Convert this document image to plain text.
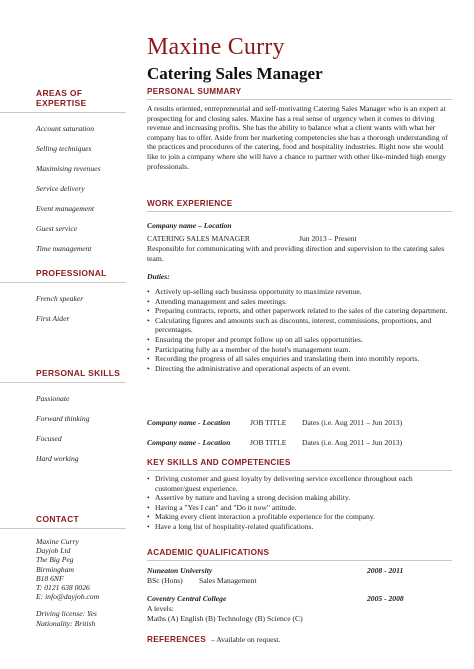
Maxine Curry
Catering Sales Manager
AREAS OF EXPERTISE
Account saturation
Selling techniques
Maximising revenues
Service delivery
Event management
Guest service
Time management
PROFESSIONAL
French speaker
First Aider
PERSONAL SKILLS
Passionate
Forward thinking
Focused
Hard working
CONTACT
Maxine Curry
Dayjob Ltd
The Big Peg
Birmingham
B18 6NF
T: 0121 638 0026
E: info@dayjob.com
Driving license: Yes
Nationality: British
PERSONAL SUMMARY
A results oriented, entrepreneurial and self-motivating Catering Sales Manager who is an expert at prospecting for and closing sales. Maxine has a real sense of urgency when it comes to driving revenue and increasing profits. She has the ability to balance what a client wants with what her company has to offer. Aside from her marketing competencies she has a thorough understanding of the practices and procedures of the catering, food and hospitality industries. Right now she would like to join a company where she will have a chance to partner with other like-minded high energy professionals.
WORK EXPERIENCE
Company name – Location
CATERING SALES MANAGER	Jun 2013 – Present
Responsible for communicating with and providing direction and supervision to the catering sales team.
Duties:
• Actively up-selling each business opportunity to maximize revenue.
• Attending management and sales meetings.
• Preparing contracts, reports, and other paperwork related to the sales of the catering department.
• Calculating figures and amounts such as discounts, interest, commissions, proportions, and percentages.
• Ensuring the proper and prompt follow up on all sales opportunities.
• Participating fully as a member of the hotel's management team.
• Recording the progress of all sales enquiries and translating them into monthly reports.
• Directing the administrative and operational aspects of an event.
Company name - Location	JOB TITLE Dates (i.e. Aug 2011 – Jun 2013)
Company name - Location	JOB TITLE Dates (i.e. Aug 2011 – Jun 2013)
KEY SKILLS AND COMPETENCIES
• Driving customer and guest loyalty by delivering service excellence throughout each customer/guest experience.
• Assertive by nature and having a strong decision making ability.
• Having a "Yes I can" and "Do it now" attitude.
• Making every client interaction a profitable experience for the company.
• Have a long list of hospitality-related qualifications.
ACADEMIC QUALIFICATIONS
Nuneaton University	2008 - 2011
BSc (Hons) Sales Management
Coventry Central College	2005 - 2008
A levels:
Maths (A) English (B) Technology (B) Science (C)
REFERENCES – Available on request.
